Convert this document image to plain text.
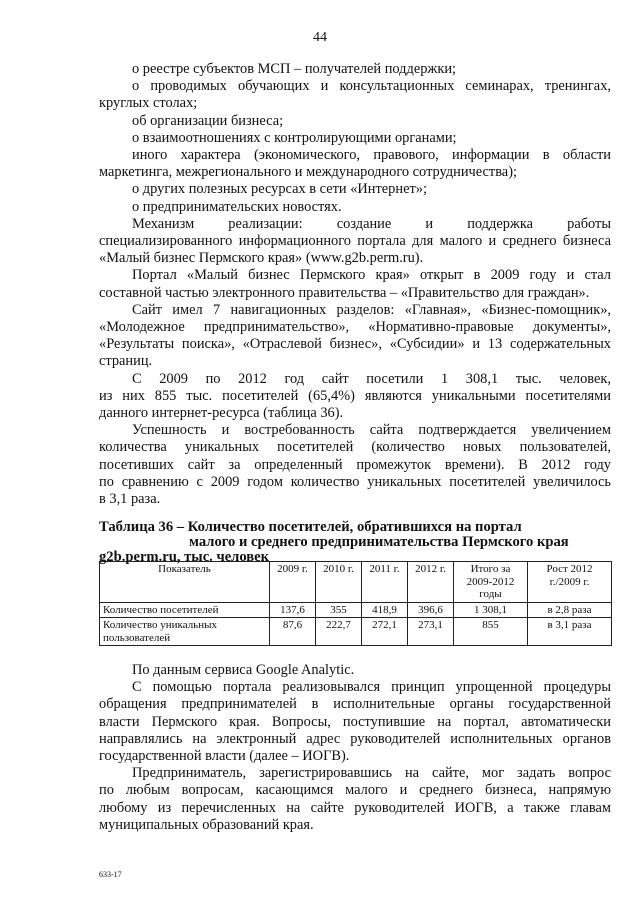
44
о реестре субъектов МСП – получателей поддержки;
о проводимых обучающих и консультационных семинарах, тренингах,
круглых столах;
об организации бизнеса;
о взаимоотношениях с контролирующими органами;
иного характера (экономического, правового, информации в области
маркетинга, межрегионального и международного сотрудничества);
о других полезных ресурсах в сети «Интернет»;
о предпринимательских новостях.
Механизм реализации: создание и поддержка работы
специализированного информационного портала для малого и среднего бизнеса
«Малый бизнес Пермского края» (www.g2b.perm.ru).
Портал «Малый бизнес Пермского края» открыт в 2009 году и стал
составной частью электронного правительства – «Правительство для граждан».
Сайт имел 7 навигационных разделов: «Главная», «Бизнес-помощник»,
«Молодежное предпринимательство», «Нормативно-правовые документы»,
«Результаты поиска», «Отраслевой бизнес», «Субсидии» и 13 содержательных
страниц.
С 2009 по 2012 год сайт посетили 1 308,1 тыс. человек,
из них 855 тыс. посетителей (65,4%) являются уникальными посетителями
данного интернет-ресурса (таблица 36).
Успешность и востребованность сайта подтверждается увеличением
количества уникальных посетителей (количество новых пользователей,
посетивших сайт за определенный промежуток времени). В 2012 году
по сравнению с 2009 годом количество уникальных посетителей увеличилось
в 3,1 раза.
Таблица 36 – Количество посетителей, обратившихся на портал
малого и среднего предпринимательства Пермского края
g2b.perm.ru, тыс. человек
Показатель	2009 г.	2010 г.	2011 г.	2012 г.	Итого за 2009-2012 годы	Рост 2012 г./2009 г.
Количество посетителей	137,6	355	418,9	396,6	1 308,1	в 2,8 раза
Количество уникальных пользователей	87,6	222,7	272,1	273,1	855	в 3,1 раза
По данным сервиса Google Analytic.
С помощью портала реализовывался принцип упрощенной процедуры
обращения предпринимателей в исполнительные органы государственной
власти Пермского края. Вопросы, поступившие на портал, автоматически
направлялись на электронный адрес руководителей исполнительных органов
государственной власти (далее – ИОГВ).
Предприниматель, зарегистрировавшись на сайте, мог задать вопрос
по любым вопросам, касающимся малого и среднего бизнеса, напрямую
любому из перечисленных на сайте руководителей ИОГВ, а также главам
муниципальных образований края.
633-17
